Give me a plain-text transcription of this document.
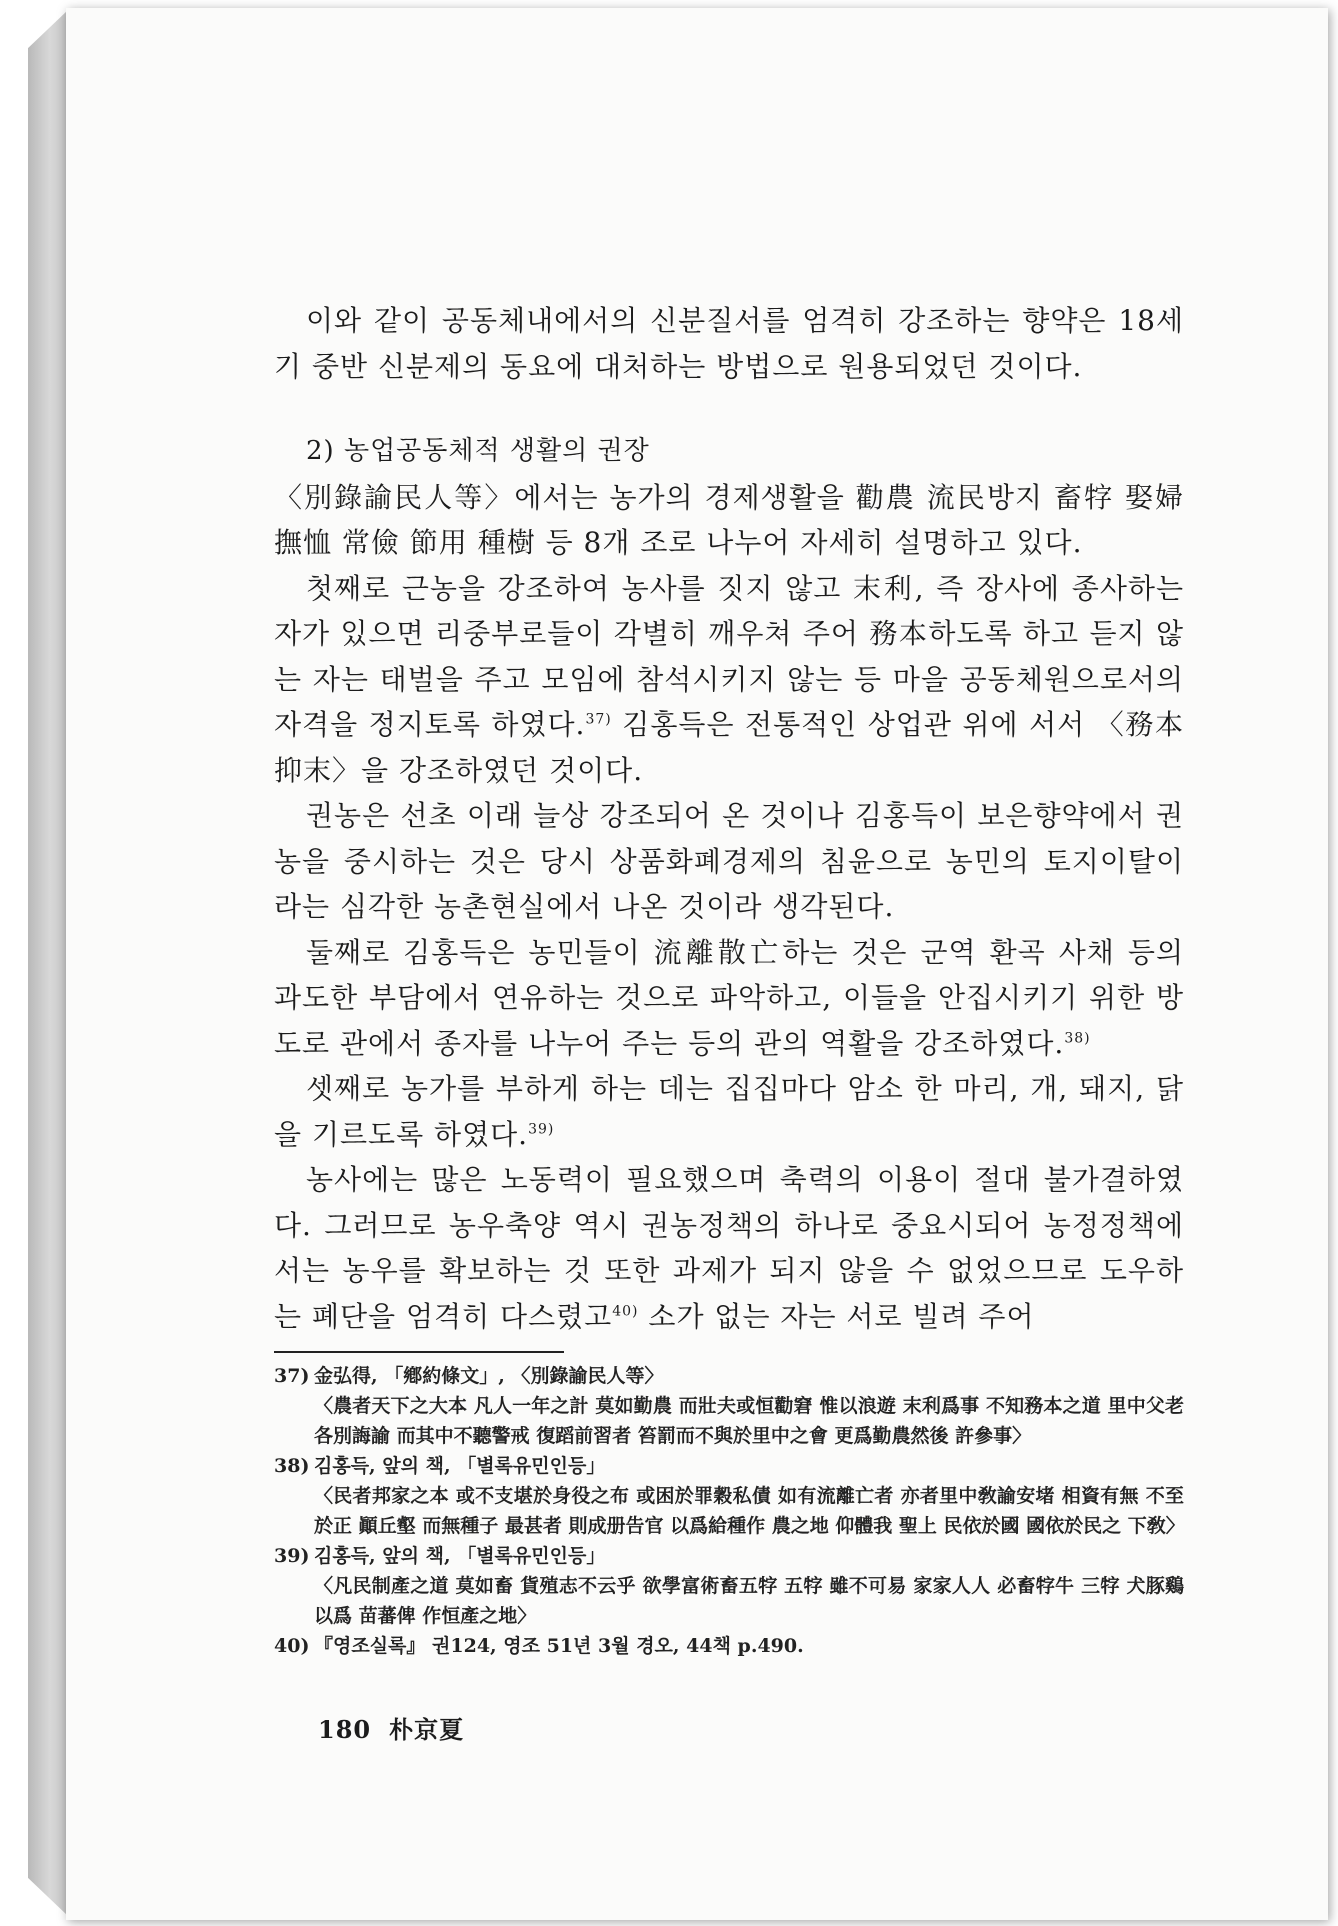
이와 같이 공동체내에서의 신분질서를 엄격히 강조하는 향약은 18세기 중반 신분제의 동요에 대처하는 방법으로 원용되었던 것이다.

2) 농업공동체적 생활의 권장

〈別錄諭民人等〉에서는 농가의 경제생활을 勸農 流民방지 畜牸 娶婦 撫恤 常儉 節用 種樹 등 8개 조로 나누어 자세히 설명하고 있다.

첫째로 근농을 강조하여 농사를 짓지 않고 末利, 즉 장사에 종사하는 자가 있으면 리중부로들이 각별히 깨우쳐 주어 務本하도록 하고 듣지 않는 자는 태벌을 주고 모임에 참석시키지 않는 등 마을 공동체원으로서의 자격을 정지토록 하였다.$^{37)}$ 김홍득은 전통적인 상업관 위에 서서 〈務本抑末〉을 강조하였던 것이다.

권농은 선초 이래 늘상 강조되어 온 것이나 김홍득이 보은향약에서 권농을 중시하는 것은 당시 상품화폐경제의 침윤으로 농민의 토지이탈이라는 심각한 농촌현실에서 나온 것이라 생각된다.

둘째로 김홍득은 농민들이 流離散亡하는 것은 군역 환곡 사채 등의 과도한 부담에서 연유하는 것으로 파악하고, 이들을 안집시키기 위한 방도로 관에서 종자를 나누어 주는 등의 관의 역활을 강조하였다.$^{38)}$

셋째로 농가를 부하게 하는 데는 집집마다 암소 한 마리, 개, 돼지, 닭을 기르도록 하였다.$^{39)}$

농사에는 많은 노동력이 필요했으며 축력의 이용이 절대 불가결하였다. 그러므로 농우축양 역시 권농정책의 하나로 중요시되어 농정정책에서는 농우를 확보하는 것 또한 과제가 되지 않을 수 없었으므로 도우하는 폐단을 엄격히 다스렸고$^{40)}$ 소가 없는 자는 서로 빌려 주어

37) 金弘得, 「鄕約條文」, 〈別錄諭民人等〉

〈農者天下之大本 凡人一年之計 莫如勤農 而壯夫或恒勸窘 惟以浪遊 末利爲事 不知務本之道 里中父老 各別誨諭 而其中不聽警戒 復蹈前習者 笞罰而不與於里中之會 更爲勤農然後 許參事〉

38) 김홍득, 앞의 책, 「별록유민인등」

〈民者邦家之本 或不支堪於身役之布 或困於罪穀私債 如有流離亡者 亦者里中敎諭安堵 相資有無 不至於正 顚丘壑 而無種子 最甚者 則成册告官 以爲給種作 農之地 仰體我 聖上 民依於國 國依於民之 下敎〉

39) 김홍득, 앞의 책, 「별록유민인등」

〈凡民制產之道 莫如畜 貨殖志不云乎 欲學富術畜五牸 五牸 雖不可易 家家人人 必畜牸牛 三牸 犬豚鷄 以爲 苗蕃俾 作恒產之地〉

40) 『영조실록』 권124, 영조 51년 3월 경오, 44책 p.490.

180 朴京夏
